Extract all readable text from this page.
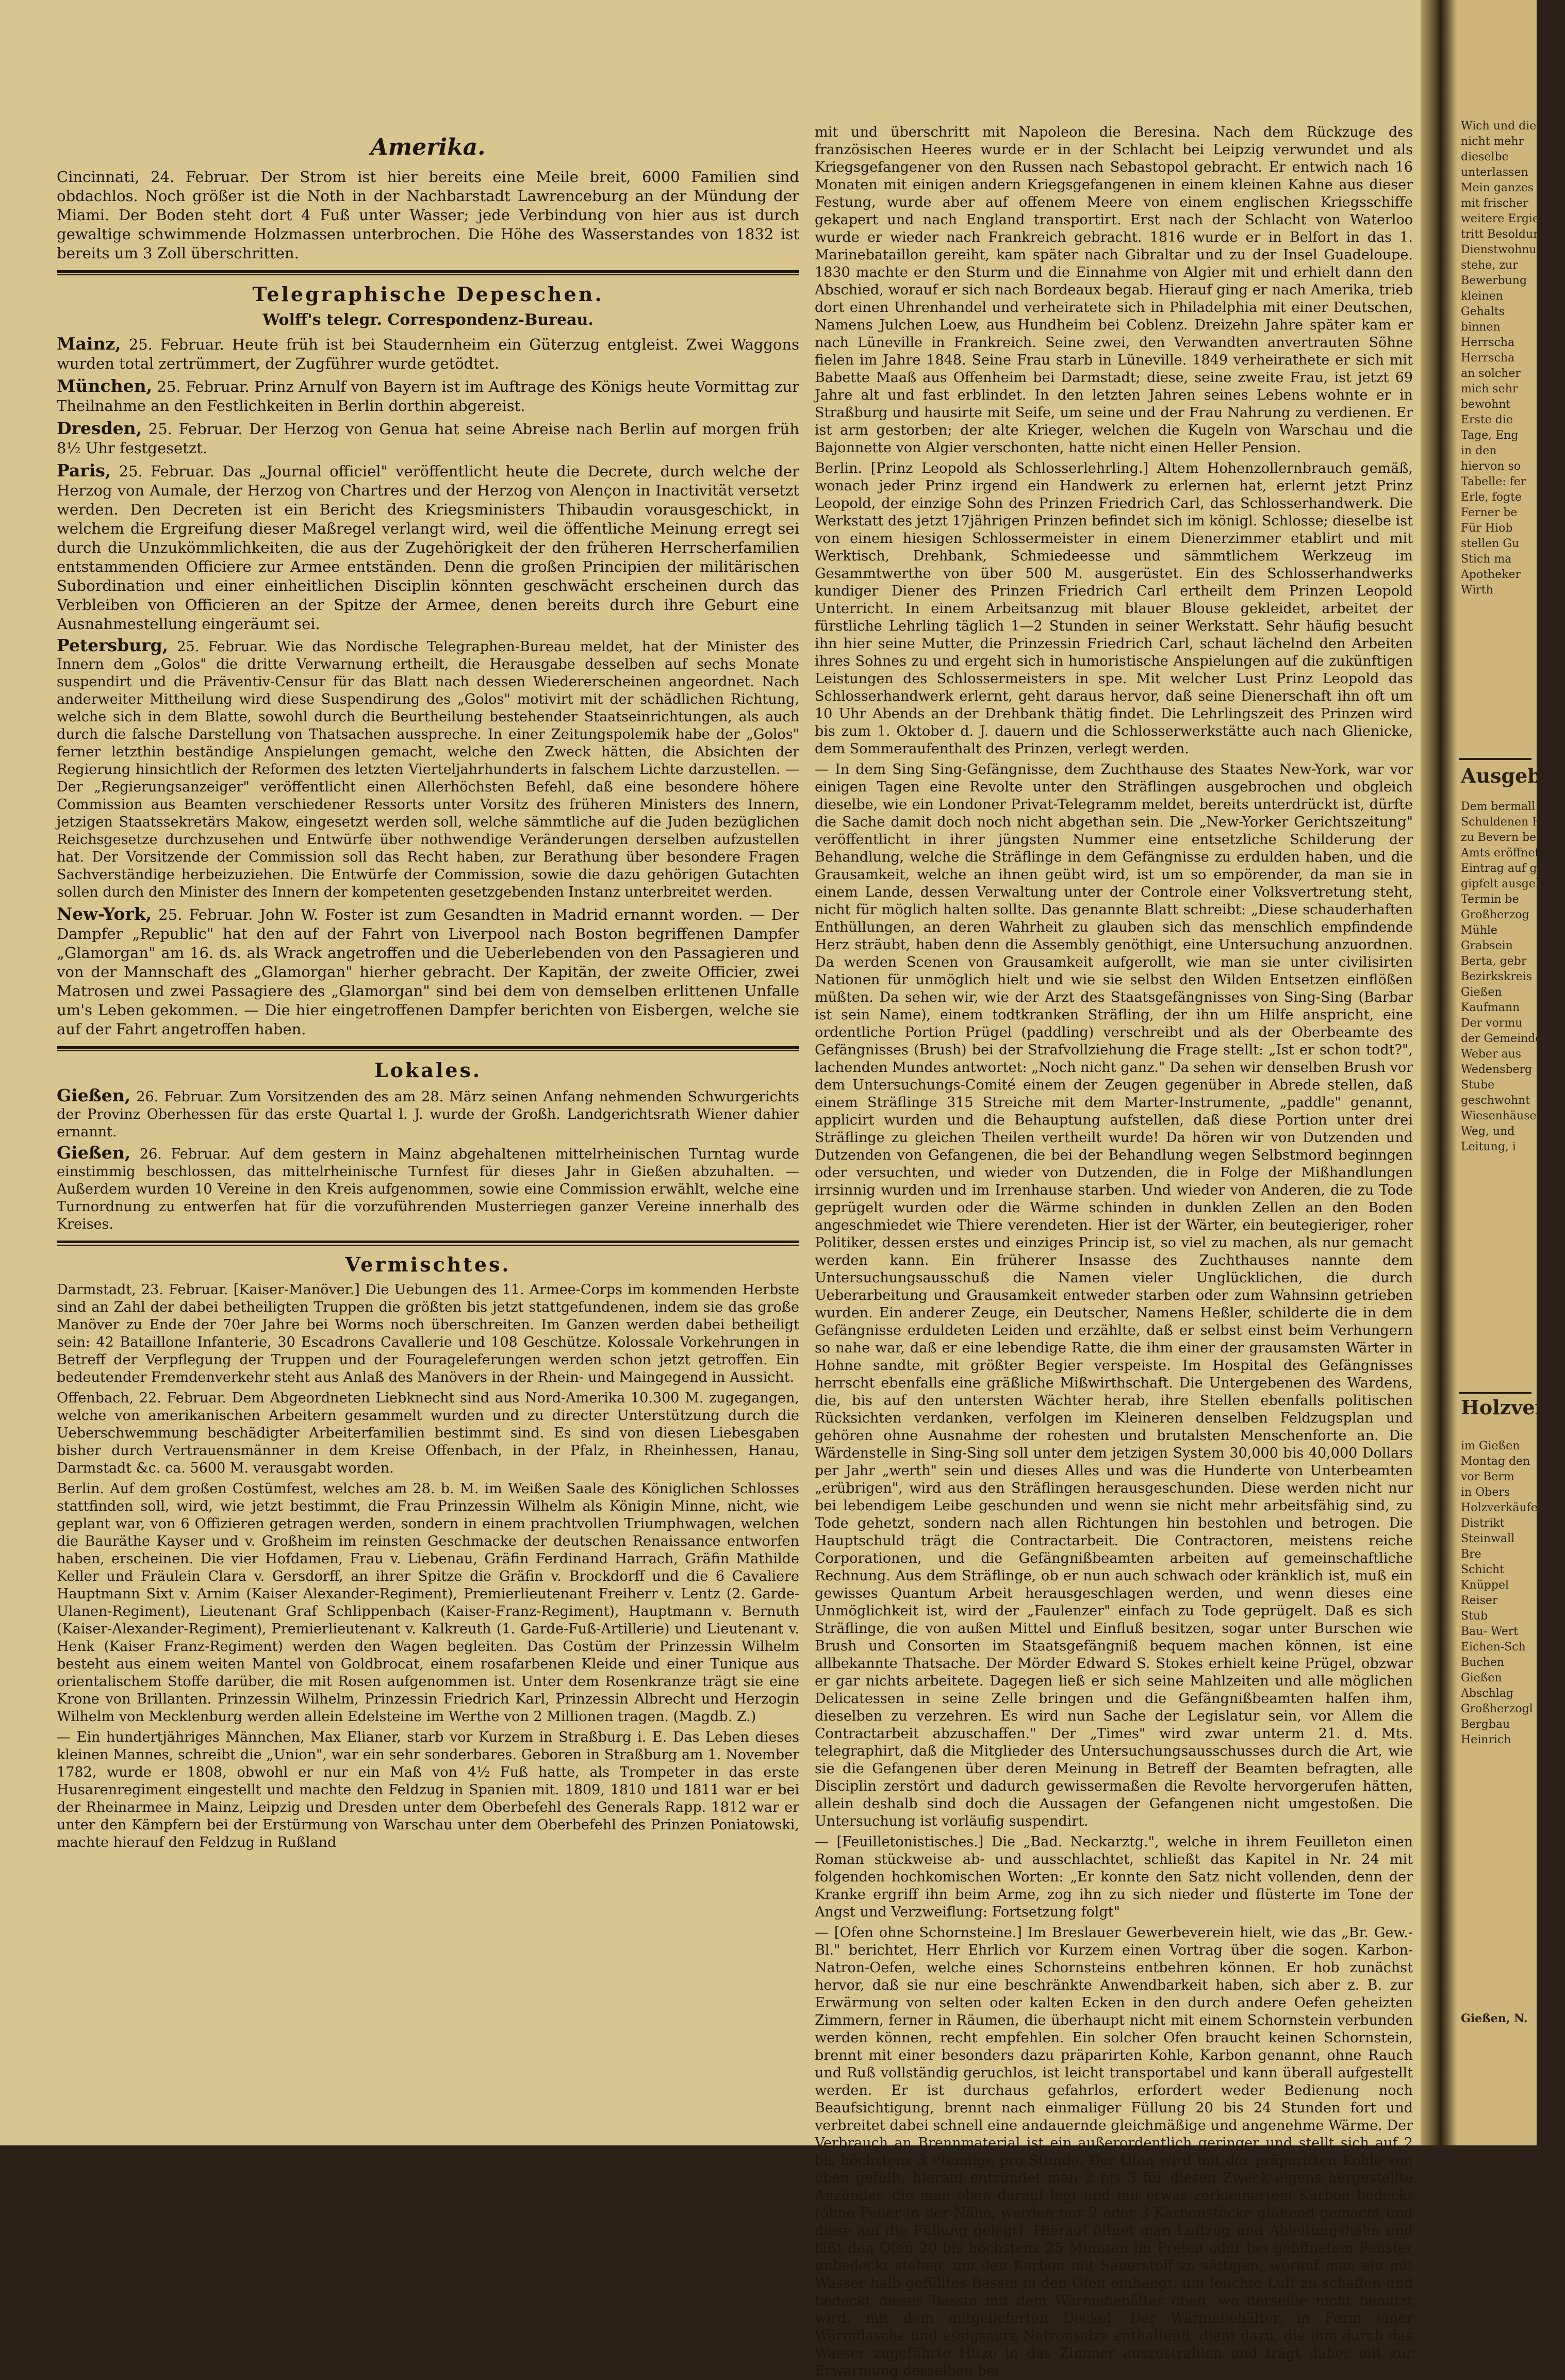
Amerika.

Cincinnati, 24. Februar. Der Strom ist hier bereits eine Meile breit, 6000 Familien sind obdachlos. Noch größer ist die Noth in der Nachbarstadt Lawrenceburg an der Mündung der Miami. Der Boden steht dort 4 Fuß unter Wasser; jede Verbindung von hier aus ist durch gewaltige schwimmende Holzmassen unterbrochen. Die Höhe des Wasserstandes von 1832 ist bereits um 3 Zoll überschritten.

Telegraphische Depeschen.
Wolff's telegr. Correspondenz-Bureau.

Mainz, 25. Februar. Heute früh ist bei Staudernheim ein Güterzug entgleist. Zwei Waggons wurden total zertrümmert, der Zugführer wurde getödtet.

München, 25. Februar. Prinz Arnulf von Bayern ist im Auftrage des Königs heute Vormittag zur Theilnahme an den Festlichkeiten in Berlin dorthin abgereist.

Dresden, 25. Februar. Der Herzog von Genua hat seine Abreise nach Berlin auf morgen früh 8½ Uhr festgesetzt.

Paris, 25. Februar. Das „Journal officiel" veröffentlicht heute die Decrete, durch welche der Herzog von Aumale, der Herzog von Chartres und der Herzog von Alençon in Inactivität versetzt werden. Den Decreten ist ein Bericht des Kriegsministers Thibaudin vorausgeschickt, in welchem die Ergreifung dieser Maßregel verlangt wird, weil die öffentliche Meinung erregt sei durch die Unzukömmlichkeiten, die aus der Zugehörigkeit der den früheren Herrscherfamilien entstammenden Officiere zur Armee entständen. Denn die großen Principien der militärischen Subordination und einer einheitlichen Disciplin könnten geschwächt erscheinen durch das Verbleiben von Officieren an der Spitze der Armee, denen bereits durch ihre Geburt eine Ausnahmestellung eingeräumt sei.

Petersburg, 25. Februar. Wie das Nordische Telegraphen-Bureau meldet, hat der Minister des Innern dem „Golos" die dritte Verwarnung ertheilt, die Herausgabe desselben auf sechs Monate suspendirt und die Präventiv-Censur für das Blatt nach dessen Wiedererscheinen angeordnet. Nach anderweiter Mittheilung wird diese Suspendirung des „Golos" motivirt mit der schädlichen Richtung, welche sich in dem Blatte, sowohl durch die Beurtheilung bestehender Staatseinrichtungen, als auch durch die falsche Darstellung von Thatsachen ausspreche. In einer Zeitungspolemik habe der „Golos" ferner letzthin beständige Anspielungen gemacht, welche den Zweck hätten, die Absichten der Regierung hinsichtlich der Reformen des letzten Vierteljahrhunderts in falschem Lichte darzustellen. — Der „Regierungsanzeiger" veröffentlicht einen Allerhöchsten Befehl, daß eine besondere höhere Commission aus Beamten verschiedener Ressorts unter Vorsitz des früheren Ministers des Innern, jetzigen Staatssekretärs Makow, eingesetzt werden soll, welche sämmtliche auf die Juden bezüglichen Reichsgesetze durchzusehen und Entwürfe über nothwendige Veränderungen derselben aufzustellen hat. Der Vorsitzende der Commission soll das Recht haben, zur Berathung über besondere Fragen Sachverständige herbeizuziehen. Die Entwürfe der Commission, sowie die dazu gehörigen Gutachten sollen durch den Minister des Innern der kompetenten gesetzgebenden Instanz unterbreitet werden.

New-York, 25. Februar. John W. Foster ist zum Gesandten in Madrid ernannt worden. — Der Dampfer „Republic" hat den auf der Fahrt von Liverpool nach Boston begriffenen Dampfer „Glamorgan" am 16. ds. als Wrack angetroffen und die Ueberlebenden von den Passagieren und von der Mannschaft des „Glamorgan" hierher gebracht. Der Kapitän, der zweite Officier, zwei Matrosen und zwei Passagiere des „Glamorgan" sind bei dem von demselben erlittenen Unfalle um's Leben gekommen. — Die hier eingetroffenen Dampfer berichten von Eisbergen, welche sie auf der Fahrt angetroffen haben.

Lokales.

Gießen, 26. Februar. Zum Vorsitzenden des am 28. März seinen Anfang nehmenden Schwurgerichts der Provinz Oberhessen für das erste Quartal l. J. wurde der Großh. Landgerichtsrath Wiener dahier ernannt.

Gießen, 26. Februar. Auf dem gestern in Mainz abgehaltenen mittelrheinischen Turntag wurde einstimmig beschlossen, das mittelrheinische Turnfest für dieses Jahr in Gießen abzuhalten. — Außerdem wurden 10 Vereine in den Kreis aufgenommen, sowie eine Commission erwählt, welche eine Turnordnung zu entwerfen hat für die vorzuführenden Musterriegen ganzer Vereine innerhalb des Kreises.

Vermischtes.

Darmstadt, 23. Februar. [Kaiser-Manöver.] Die Uebungen des 11. Armee-Corps im kommenden Herbste sind an Zahl der dabei betheiligten Truppen die größten bis jetzt stattgefundenen, indem sie das große Manöver zu Ende der 70er Jahre bei Worms noch überschreiten. Im Ganzen werden dabei betheiligt sein: 42 Bataillone Infanterie, 30 Escadrons Cavallerie und 108 Geschütze. Kolossale Vorkehrungen in Betreff der Verpflegung der Truppen und der Fourageleferungen werden schon jetzt getroffen. Ein bedeutender Fremdenverkehr steht aus Anlaß des Manövers in der Rhein- und Maingegend in Aussicht.

Offenbach, 22. Februar. Dem Abgeordneten Liebknecht sind aus Nord-Amerika 10.300 M. zugegangen, welche von amerikanischen Arbeitern gesammelt wurden und zu directer Unterstützung durch die Ueberschwemmung beschädigter Arbeiterfamilien bestimmt sind. Es sind von diesen Liebesgaben bisher durch Vertrauensmänner in dem Kreise Offenbach, in der Pfalz, in Rheinhessen, Hanau, Darmstadt &c. ca. 5600 M. verausgabt worden.

Berlin. Auf dem großen Costümfest, welches am 28. b. M. im Weißen Saale des Königlichen Schlosses stattfinden soll, wird, wie jetzt bestimmt, die Frau Prinzessin Wilhelm als Königin Minne, nicht, wie geplant war, von 6 Offizieren getragen werden, sondern in einem prachtvollen Triumphwagen, welchen die Bauräthe Kayser und v. Großheim im reinsten Geschmacke der deutschen Renaissance entworfen haben, erscheinen. Die vier Hofdamen, Frau v. Liebenau, Gräfin Ferdinand Harrach, Gräfin Mathilde Keller und Fräulein Clara v. Gersdorff, an ihrer Spitze die Gräfin v. Brockdorff und die 6 Cavaliere Hauptmann Sixt v. Arnim (Kaiser Alexander-Regiment), Premierlieutenant Freiherr v. Lentz (2. Garde-Ulanen-Regiment), Lieutenant Graf Schlippenbach (Kaiser-Franz-Regiment), Hauptmann v. Bernuth (Kaiser-Alexander-Regiment), Premierlieutenant v. Kalkreuth (1. Garde-Fuß-Artillerie) und Lieutenant v. Henk (Kaiser Franz-Regiment) werden den Wagen begleiten. Das Costüm der Prinzessin Wilhelm besteht aus einem weiten Mantel von Goldbrocat, einem rosafarbenen Kleide und einer Tunique aus orientalischem Stoffe darüber, die mit Rosen aufgenommen ist. Unter dem Rosenkranze trägt sie eine Krone von Brillanten. Prinzessin Wilhelm, Prinzessin Friedrich Karl, Prinzessin Albrecht und Herzogin Wilhelm von Mecklenburg werden allein Edelsteine im Werthe von 2 Millionen tragen. (Magdb. Z.)

— Ein hundertjähriges Männchen, Max Elianer, starb vor Kurzem in Straßburg i. E. Das Leben dieses kleinen Mannes, schreibt die „Union", war ein sehr sonderbares. Geboren in Straßburg am 1. November 1782, wurde er 1808, obwohl er nur ein Maß von 4½ Fuß hatte, als Trompeter in das erste Husarenregiment eingestellt und machte den Feldzug in Spanien mit. 1809, 1810 und 1811 war er bei der Rheinarmee in Mainz, Leipzig und Dresden unter dem Oberbefehl des Generals Rapp. 1812 war er unter den Kämpfern bei der Erstürmung von Warschau unter dem Oberbefehl des Prinzen Poniatowski, machte hierauf den Feldzug in Rußland

mit und überschritt mit Napoleon die Beresina. Nach dem Rückzuge des französischen Heeres wurde er in der Schlacht bei Leipzig verwundet und als Kriegsgefangener von den Russen nach Sebastopol gebracht. Er entwich nach 16 Monaten mit einigen andern Kriegsgefangenen in einem kleinen Kahne aus dieser Festung, wurde aber auf offenem Meere von einem englischen Kriegsschiffe gekapert und nach England transportirt. Erst nach der Schlacht von Waterloo wurde er wieder nach Frankreich gebracht. 1816 wurde er in Belfort in das 1. Marinebataillon gereiht, kam später nach Gibraltar und zu der Insel Guadeloupe. 1830 machte er den Sturm und die Einnahme von Algier mit und erhielt dann den Abschied, worauf er sich nach Bordeaux begab. Hierauf ging er nach Amerika, trieb dort einen Uhrenhandel und verheiratete sich in Philadelphia mit einer Deutschen, Namens Julchen Loew, aus Hundheim bei Coblenz. Dreizehn Jahre später kam er nach Lüneville in Frankreich. Seine zwei, den Verwandten anvertrauten Söhne fielen im Jahre 1848. Seine Frau starb in Lüneville. 1849 verheirathete er sich mit Babette Maaß aus Offenheim bei Darmstadt; diese, seine zweite Frau, ist jetzt 69 Jahre alt und fast erblindet. In den letzten Jahren seines Lebens wohnte er in Straßburg und hausirte mit Seife, um seine und der Frau Nahrung zu verdienen. Er ist arm gestorben; der alte Krieger, welchen die Kugeln von Warschau und die Bajonnette von Algier verschonten, hatte nicht einen Heller Pension.

Berlin. [Prinz Leopold als Schlosserlehrling.] Altem Hohenzollernbrauch gemäß, wonach jeder Prinz irgend ein Handwerk zu erlernen hat, erlernt jetzt Prinz Leopold, der einzige Sohn des Prinzen Friedrich Carl, das Schlosserhandwerk. Die Werkstatt des jetzt 17jährigen Prinzen befindet sich im königl. Schlosse; dieselbe ist von einem hiesigen Schlossermeister in einem Dienerzimmer etablirt und mit Werktisch, Drehbank, Schmiedeesse und sämmtlichem Werkzeug im Gesammtwerthe von über 500 M. ausgerüstet. Ein des Schlosserhandwerks kundiger Diener des Prinzen Friedrich Carl ertheilt dem Prinzen Leopold Unterricht. In einem Arbeitsanzug mit blauer Blouse gekleidet, arbeitet der fürstliche Lehrling täglich 1—2 Stunden in seiner Werkstatt. Sehr häufig besucht ihn hier seine Mutter, die Prinzessin Friedrich Carl, schaut lächelnd den Arbeiten ihres Sohnes zu und ergeht sich in humoristische Anspielungen auf die zukünftigen Leistungen des Schlossermeisters in spe. Mit welcher Lust Prinz Leopold das Schlosserhandwerk erlernt, geht daraus hervor, daß seine Dienerschaft ihn oft um 10 Uhr Abends an der Drehbank thätig findet. Die Lehrlingszeit des Prinzen wird bis zum 1. Oktober d. J. dauern und die Schlosserwerkstätte auch nach Glienicke, dem Sommeraufenthalt des Prinzen, verlegt werden.

— In dem Sing Sing-Gefängnisse, dem Zuchthause des Staates New-York, war vor einigen Tagen eine Revolte unter den Sträflingen ausgebrochen und obgleich dieselbe, wie ein Londoner Privat-Telegramm meldet, bereits unterdrückt ist, dürfte die Sache damit doch noch nicht abgethan sein. Die „New-Yorker Gerichtszeitung" veröffentlicht in ihrer jüngsten Nummer eine entsetzliche Schilderung der Behandlung, welche die Sträflinge in dem Gefängnisse zu erdulden haben, und die Grausamkeit, welche an ihnen geübt wird, ist um so empörender, da man sie in einem Lande, dessen Verwaltung unter der Controle einer Volksvertretung steht, nicht für möglich halten sollte. Das genannte Blatt schreibt: „Diese schauderhaften Enthüllungen, an deren Wahrheit zu glauben sich das menschlich empfindende Herz sträubt, haben denn die Assembly genöthigt, eine Untersuchung anzuordnen. Da werden Scenen von Grausamkeit aufgerollt, wie man sie unter civilisirten Nationen für unmöglich hielt und wie sie selbst den Wilden Entsetzen einflößen müßten. Da sehen wir, wie der Arzt des Staatsgefängnisses von Sing-Sing (Barbar ist sein Name), einem todtkranken Sträfling, der ihn um Hilfe anspricht, eine ordentliche Portion Prügel (paddling) verschreibt und als der Oberbeamte des Gefängnisses (Brush) bei der Strafvollziehung die Frage stellt: „Ist er schon todt?", lachenden Mundes antwortet: „Noch nicht ganz." Da sehen wir denselben Brush vor dem Untersuchungs-Comité einem der Zeugen gegenüber in Abrede stellen, daß einem Sträflinge 315 Streiche mit dem Marter-Instrumente, „paddle" genannt, applicirt wurden und die Behauptung aufstellen, daß diese Portion unter drei Sträflinge zu gleichen Theilen vertheilt wurde! Da hören wir von Dutzenden und Dutzenden von Gefangenen, die bei der Behandlung wegen Selbstmord beginngen oder versuchten, und wieder von Dutzenden, die in Folge der Mißhandlungen irrsinnig wurden und im Irrenhause starben. Und wieder von Anderen, die zu Tode geprügelt wurden oder die Wärme schinden in dunklen Zellen an den Boden angeschmiedet wie Thiere verendeten. Hier ist der Wärter, ein beutegieriger, roher Politiker, dessen erstes und einziges Princip ist, so viel zu machen, als nur gemacht werden kann. Ein früherer Insasse des Zuchthauses nannte dem Untersuchungsausschuß die Namen vieler Unglücklichen, die durch Ueberarbeitung und Grausamkeit entweder starben oder zum Wahnsinn getrieben wurden. Ein anderer Zeuge, ein Deutscher, Namens Heßler, schilderte die in dem Gefängnisse erduldeten Leiden und erzählte, daß er selbst einst beim Verhungern so nahe war, daß er eine lebendige Ratte, die ihm einer der grausamsten Wärter in Hohne sandte, mit größter Begier verspeiste. Im Hospital des Gefängnisses herrscht ebenfalls eine gräßliche Mißwirthschaft. Die Untergebenen des Wardens, die, bis auf den untersten Wächter herab, ihre Stellen ebenfalls politischen Rücksichten verdanken, verfolgen im Kleineren denselben Feldzugsplan und gehören ohne Ausnahme der rohesten und brutalsten Menschenforte an. Die Wärdenstelle in Sing-Sing soll unter dem jetzigen System 30,000 bis 40,000 Dollars per Jahr „werth" sein und dieses Alles und was die Hunderte von Unterbeamten „erübrigen", wird aus den Sträflingen herausgeschunden. Diese werden nicht nur bei lebendigem Leibe geschunden und wenn sie nicht mehr arbeitsfähig sind, zu Tode gehetzt, sondern nach allen Richtungen hin bestohlen und betrogen. Die Hauptschuld trägt die Contractarbeit. Die Contractoren, meistens reiche Corporationen, und die Gefängnißbeamten arbeiten auf gemeinschaftliche Rechnung. Aus dem Sträflinge, ob er nun auch schwach oder kränklich ist, muß ein gewisses Quantum Arbeit herausgeschlagen werden, und wenn dieses eine Unmöglichkeit ist, wird der „Faulenzer" einfach zu Tode geprügelt. Daß es sich Sträflinge, die von außen Mittel und Einfluß besitzen, sogar unter Burschen wie Brush und Consorten im Staatsgefängniß bequem machen können, ist eine allbekannte Thatsache. Der Mörder Edward S. Stokes erhielt keine Prügel, obzwar er gar nichts arbeitete. Dagegen ließ er sich seine Mahlzeiten und alle möglichen Delicatessen in seine Zelle bringen und die Gefängnißbeamten halfen ihm, dieselben zu verzehren. Es wird nun Sache der Legislatur sein, vor Allem die Contractarbeit abzuschaffen." Der „Times" wird zwar unterm 21. d. Mts. telegraphirt, daß die Mitglieder des Untersuchungsausschusses durch die Art, wie sie die Gefangenen über deren Meinung in Betreff der Beamten befragten, alle Disciplin zerstört und dadurch gewissermaßen die Revolte hervorgerufen hätten, allein deshalb sind doch die Aussagen der Gefangenen nicht umgestoßen. Die Untersuchung ist vorläufig suspendirt.

— [Feuilletonistisches.] Die „Bad. Neckarztg.", welche in ihrem Feuilleton einen Roman stückweise ab- und ausschlachtet, schließt das Kapitel in Nr. 24 mit folgenden hochkomischen Worten: „Er konnte den Satz nicht vollenden, denn der Kranke ergriff ihn beim Arme, zog ihn zu sich nieder und flüsterte im Tone der Angst und Verzweiflung: Fortsetzung folgt"

— [Ofen ohne Schornsteine.] Im Breslauer Gewerbeverein hielt, wie das „Br. Gew.-Bl." berichtet, Herr Ehrlich vor Kurzem einen Vortrag über die sogen. Karbon-Natron-Oefen, welche eines Schornsteins entbehren können. Er hob zunächst hervor, daß sie nur eine beschränkte Anwendbarkeit haben, sich aber z. B. zur Erwärmung von selten oder kalten Ecken in den durch andere Oefen geheizten Zimmern, ferner in Räumen, die überhaupt nicht mit einem Schornstein verbunden werden können, recht empfehlen. Ein solcher Ofen braucht keinen Schornstein, brennt mit einer besonders dazu präparirten Kohle, Karbon genannt, ohne Rauch und Ruß vollständig geruchlos, ist leicht transportabel und kann überall aufgestellt werden. Er ist durchaus gefahrlos, erfordert weder Bedienung noch Beaufsichtigung, brennt nach einmaliger Füllung 20 bis 24 Stunden fort und verbreitet dabei schnell eine andauernde gleichmäßige und angenehme Wärme. Der Verbrauch an Brennmaterial ist ein außerordentlich geringer und stellt sich auf 2 bis höchstens 3 Pfennige pro Stunde. Der Ofen wird mit der präparirten Kohle von oben gefüllt, hierauf entzündet man 2 bis 3 für diesen Zweck eigens hergestellte Anzünder, die man oben darauf legt und mit etwas zerkleinertem Karbon bedeckt (ohne Feuer in der Nähe, werden nur 2 oder 3 Karbonstücke glühend gemacht und diese auf die Füllung gelegt). Hierauf öffnet man Luftzug und Ableitungshahn und läßt den Ofen 20 bis höchstens 25 Minuten im Freien oder bei geöffnetem Fenster unbedeckt stehen, um den Karbon mit Sauerstoff zu sättigen, worauf man ein mit Wasser halb gefülltes Bassin in den Ofen einhängt, um feuchte Luft zu schaffen und bedeckt dieses Bassin mit dem Wärmebehälter oben, wo derselbe nicht benutzt wird, mit dem mitgelieferten Deckel. Der Wärmebehälter, in Form einer Wärmflasche und essigsaure Natronsalze enthaltend, dient dazu, die ihm durch das Wasser zugeführte Hitze in das Zimmer auszustrahlen und trägt daher mit zur Erwärmung desselben bei.

Wich und die
nicht mehr
dieselbe
unterlassen
Mein ganzes
mit frischer
weitere Ergie
tritt Besoldun
Dienstwohnung
stehe, zur
Bewerbung
kleinen
Gehalts
binnen
Herrscha
Herrscha
an solcher
mich sehr
bewohnt
Erste die
Tage, Eng
in den
hiervon so
Tabelle: fer
Erle, fogte
Ferner be
Für Hiob
stellen Gu
Stich ma
Apotheker
Wirth
Ausgebo
Dem bermall
Schuldenen Heinr
zu Bevern ben
Amts eröffnet, h
Eintrag auf gele
gipfelt ausgebot
Termin be
Großherzog
Mühle
Grabsein
Berta, gebr
Bezirkskreis
Gießen
Kaufmann
Der vormu
der Gemeinde
Weber aus
Wedensberg
Stube
geschwohnt
Wiesenhäuser
Weg, und
Leitung, i
Holzver
im Gießen
Montag den
vor Berm
in Obers
Holzverkäufe
Distrikt
Steinwall
Bre
Schicht
Knüppel
Reiser
Stub
Bau- Wert
Eichen-Sch
Buchen
Gießen
Abschlag
Großherzogl
Bergbau
Heinrich
Gießen, N.
